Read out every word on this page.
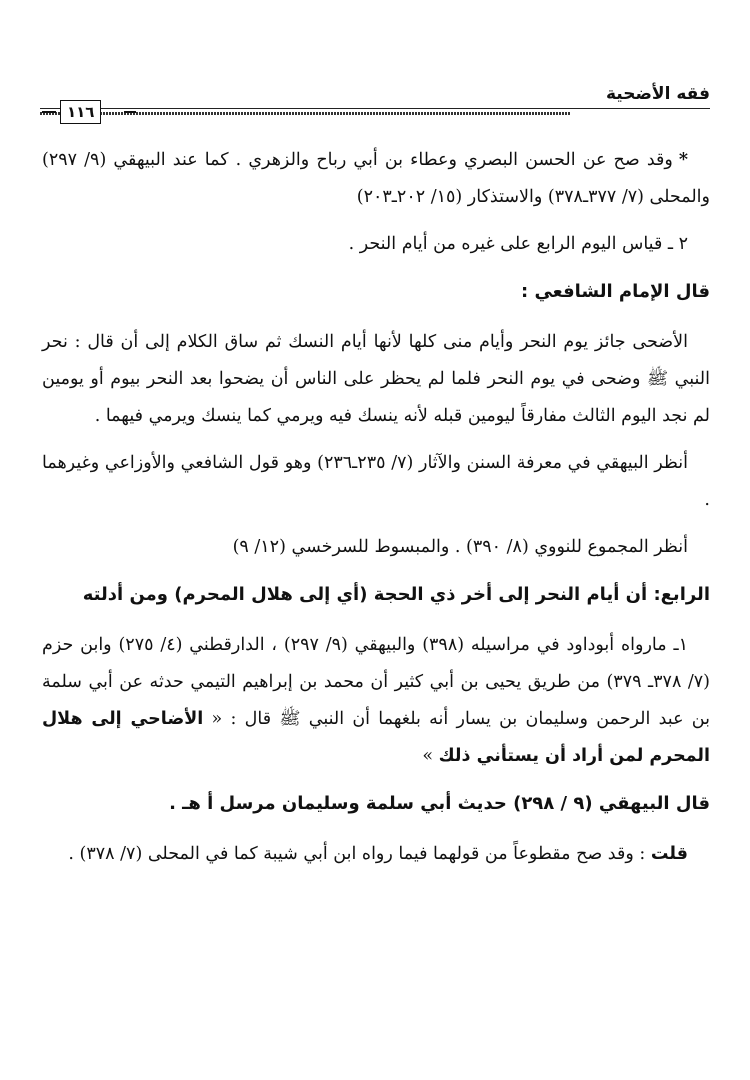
فقه الأضحية
١١٦

*وقد صح عن الحسن البصري وعطاء بن أبي رباح والزهري . كما عند البيهقي (٩/ ٢٩٧) والمحلى (٧/ ٣٧٧ـ٣٧٨) والاستذكار (١٥/ ٢٠٢ـ٢٠٣)

٢ ـ قياس اليوم الرابع على غيره من أيام النحر .

قال الإمام الشافعي :

الأضحى جائز يوم النحر وأيام منى كلها لأنها أيام النسك ثم ساق الكلام إلى أن قال : نحر النبي ﷺ وضحى في يوم النحر فلما لم يحظر على الناس أن يضحوا بعد النحر بيوم أو يومين لم نجد اليوم الثالث مفارقاً ليومين قبله لأنه ينسك فيه ويرمي كما ينسك ويرمي فيهما .

أنظر البيهقي في معرفة السنن والآثار (٧/ ٢٣٥ـ٢٣٦) وهو قول الشافعي والأوزاعي وغيرهما .

أنظر المجموع للنووي (٨/ ٣٩٠) . والمبسوط للسرخسي (١٢/ ٩)

الرابع: أن أيام النحر إلى أخر ذي الحجة (أي إلى هلال المحرم) ومن أدلته

١ـ مارواه أبوداود في مراسيله (٣٩٨) والبيهقي (٩/ ٢٩٧) ، الدارقطني (٤/ ٢٧٥) وابن حزم (٧/ ٣٧٨ـ ٣٧٩) من طريق يحيى بن أبي كثير أن محمد بن إبراهيم التيمي حدثه عن أبي سلمة بن عبد الرحمن وسليمان بن يسار أنه بلغهما أن النبي ﷺ قال : « الأضاحي إلى هلال المحرم لمن أراد أن يستأني ذلك »

قال البيهقي (٩ / ٢٩٨) حديث أبي سلمة وسليمان مرسل أ هـ .

قلت : وقد صح مقطوعاً من قولهما فيما رواه ابن أبي شيبة كما في المحلى (٧/ ٣٧٨) .
